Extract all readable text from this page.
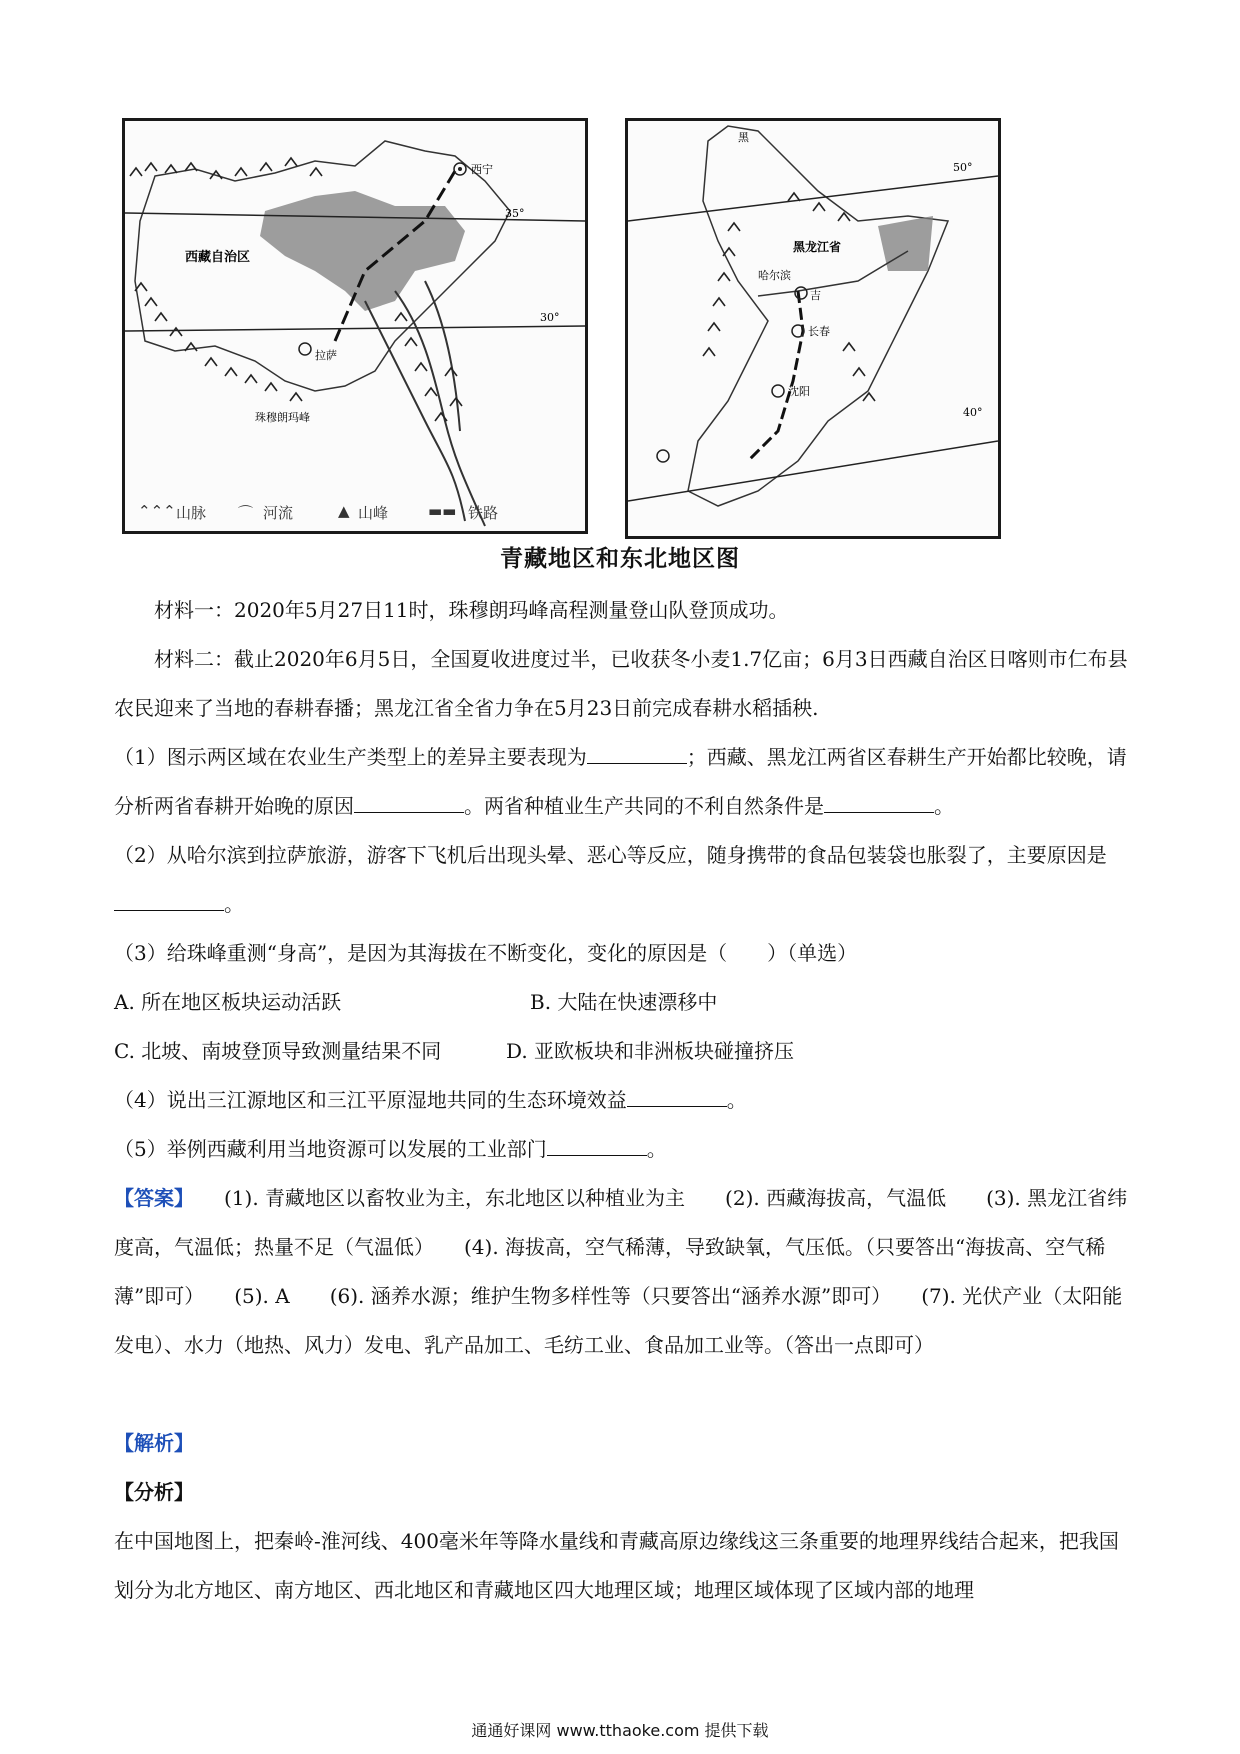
西宁
35°
30°
西藏自治区
拉萨
珠穆朗玛峰
⌃⌃⌃ 山脉 ⌒ 河流	▲ 山峰	▬▬ 铁路
50°
40°
黑
黑龙江省
哈尔滨
吉
长春
沈阳
青藏地区和东北地区图
材料一：2020年5月27日11时，珠穆朗玛峰高程测量登山队登顶成功。
材料二：截止2020年6月5日，全国夏收进度过半，已收获冬小麦1.7亿亩；6月3日西藏自治区日喀则市仁布县农民迎来了当地的春耕春播；黑龙江省全省力争在5月23日前完成春耕水稻插秧.
（1）图示两区域在农业生产类型上的差异主要表现为	；西藏、黑龙江两省区春耕生产开始都比较晚，请分析两省春耕开始晚的原因	。两省种植业生产共同的不利自然条件是	。
（2）从哈尔滨到拉萨旅游，游客下飞机后出现头晕、恶心等反应，随身携带的食品包装袋也胀裂了，主要原因是。
（3）给珠峰重测“身高”，是因为其海拔在不断变化，变化的原因是（　　）（单选）
A. 所在地区板块运动活跃	B. 大陆在快速漂移中
C. 北坡、南坡登顶导致测量结果不同	D. 亚欧板块和非洲板块碰撞挤压
（4）说出三江源地区和三江平原湿地共同的生态环境效益	。
（5）举例西藏利用当地资源可以发展的工业部门	。
【答案】　　(1). 青藏地区以畜牧业为主，东北地区以种植业为主　　(2). 西藏海拔高，气温低　　(3). 黑龙江省纬度高，气温低；热量不足（气温低）　　(4). 海拔高，空气稀薄，导致缺氧，气压低。（只要答出“海拔高、空气稀薄”即可）　　(5). A　　(6). 涵养水源；维护生物多样性等（只要答出“涵养水源”即可）　　(7). 光伏产业（太阳能发电）、水力（地热、风力）发电、乳产品加工、毛纺工业、食品加工业等。（答出一点即可）
【解析】
【分析】
在中国地图上，把秦岭-淮河线、400毫米年等降水量线和青藏高原边缘线这三条重要的地理界线结合起来，把我国划分为北方地区、南方地区、西北地区和青藏地区四大地理区域；地理区域体现了区域内部的地理
通通好课网 www.tthaoke.com 提供下载
